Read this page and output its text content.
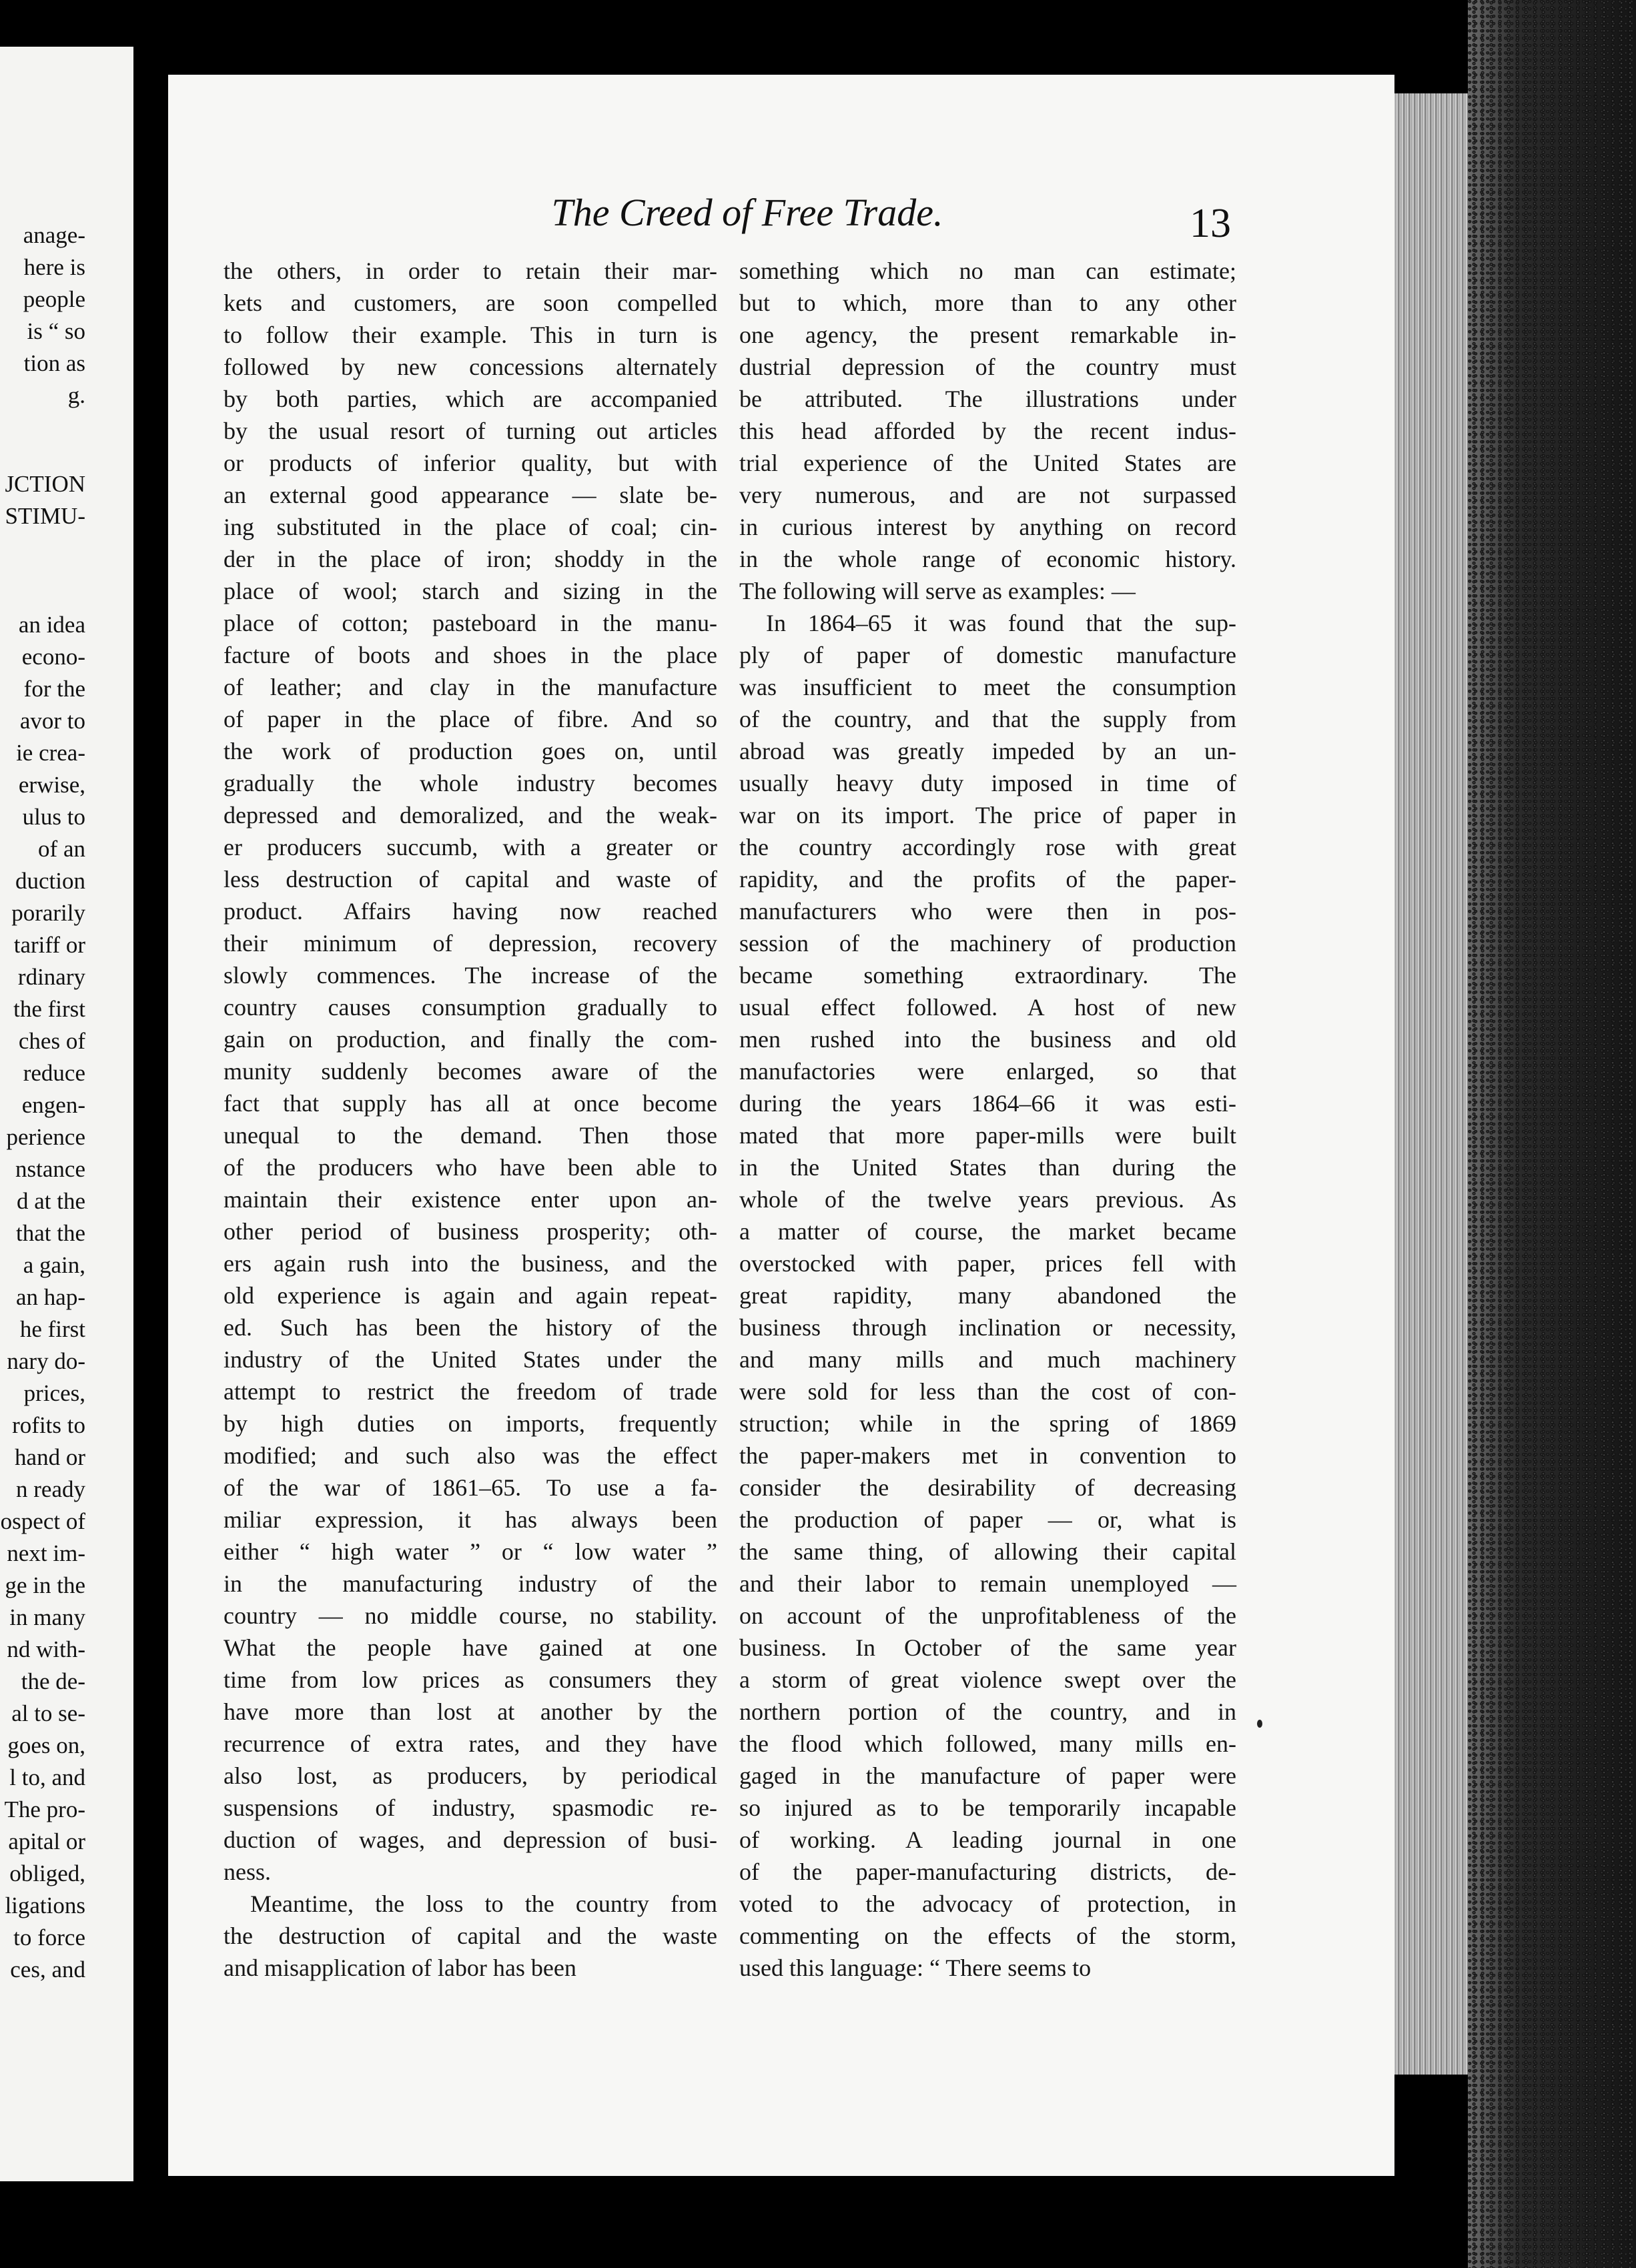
anage-
here is
people
is “ so
tion as
g.
JCTION
STIMU-
an idea
econo-
for the
avor to
ie crea-
erwise,
ulus to
of an
duction
porarily
tariff or
rdinary
the first
ches of
reduce
engen-
perience
nstance
d at the
that the
a gain,
an hap-
he first
nary do-
prices,
rofits to
hand or
n ready
ospect of
next im-
ge in the
in many
nd with-
the de-
al to se-
goes on,
l to, and
The pro-
apital or
obliged,
ligations
to force
ces, and
The Creed of Free Trade.	13
the others, in order to retain their mar-
kets and customers, are soon compelled
to follow their example. This in turn is
followed by new concessions alternately
by both parties, which are accompanied
by the usual resort of turning out articles
or products of inferior quality, but with
an external good appearance — slate be-
ing substituted in the place of coal; cin-
der in the place of iron; shoddy in the
place of wool; starch and sizing in the
place of cotton; pasteboard in the manu-
facture of boots and shoes in the place
of leather; and clay in the manufacture
of paper in the place of fibre. And so
the work of production goes on, until
gradually the whole industry becomes
depressed and demoralized, and the weak-
er producers succumb, with a greater or
less destruction of capital and waste of
product. Affairs having now reached
their minimum of depression, recovery
slowly commences. The increase of the
country causes consumption gradually to
gain on production, and finally the com-
munity suddenly becomes aware of the
fact that supply has all at once become
unequal to the demand. Then those
of the producers who have been able to
maintain their existence enter upon an-
other period of business prosperity; oth-
ers again rush into the business, and the
old experience is again and again repeat-
ed. Such has been the history of the
industry of the United States under the
attempt to restrict the freedom of trade
by high duties on imports, frequently
modified; and such also was the effect
of the war of 1861–65. To use a fa-
miliar expression, it has always been
either “ high water ” or “ low water ”
in the manufacturing industry of the
country — no middle course, no stability.
What the people have gained at one
time from low prices as consumers they
have more than lost at another by the
recurrence of extra rates, and they have
also lost, as producers, by periodical
suspensions of industry, spasmodic re-
duction of wages, and depression of busi-
ness.
Meantime, the loss to the country from
the destruction of capital and the waste
and misapplication of labor has been
something which no man can estimate;
but to which, more than to any other
one agency, the present remarkable in-
dustrial depression of the country must
be attributed. The illustrations under
this head afforded by the recent indus-
trial experience of the United States are
very numerous, and are not surpassed
in curious interest by anything on record
in the whole range of economic history.
The following will serve as examples: —
In 1864–65 it was found that the sup-
ply of paper of domestic manufacture
was insufficient to meet the consumption
of the country, and that the supply from
abroad was greatly impeded by an un-
usually heavy duty imposed in time of
war on its import. The price of paper in
the country accordingly rose with great
rapidity, and the profits of the paper-
manufacturers who were then in pos-
session of the machinery of production
became something extraordinary. The
usual effect followed. A host of new
men rushed into the business and old
manufactories were enlarged, so that
during the years 1864–66 it was esti-
mated that more paper-mills were built
in the United States than during the
whole of the twelve years previous. As
a matter of course, the market became
overstocked with paper, prices fell with
great rapidity, many abandoned the
business through inclination or necessity,
and many mills and much machinery
were sold for less than the cost of con-
struction; while in the spring of 1869
the paper-makers met in convention to
consider the desirability of decreasing
the production of paper — or, what is
the same thing, of allowing their capital
and their labor to remain unemployed —
on account of the unprofitableness of the
business. In October of the same year
a storm of great violence swept over the
northern portion of the country, and in
the flood which followed, many mills en-
gaged in the manufacture of paper were
so injured as to be temporarily incapable
of working. A leading journal in one
of the paper-manufacturing districts, de-
voted to the advocacy of protection, in
commenting on the effects of the storm,
used this language: “ There seems to
